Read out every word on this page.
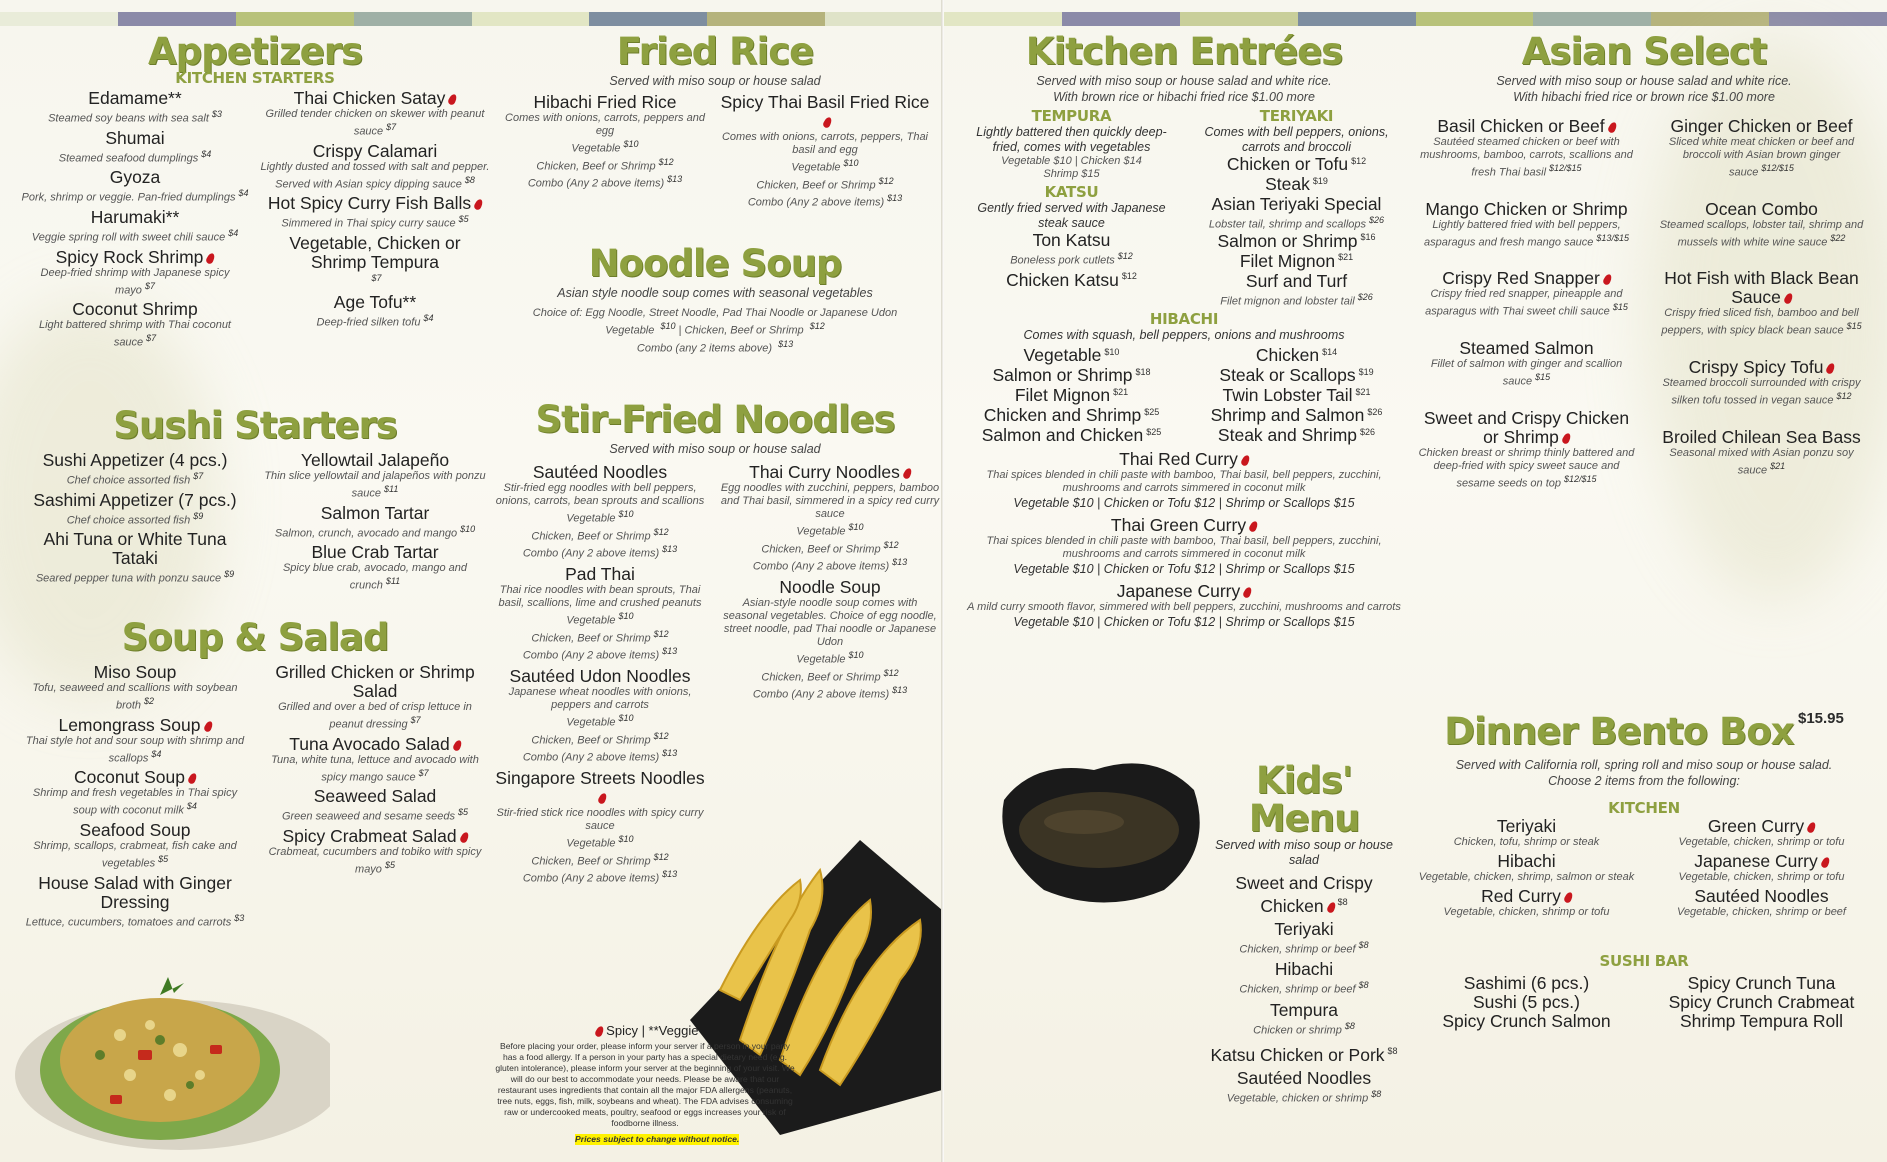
Appetizers
KITCHEN STARTERS
Edamame**
Steamed soy beans with sea salt $^{\$3}$
Shumai
Steamed seafood dumplings $^{\$4}$
Gyoza
Pork, shrimp or veggie. Pan-fried dumplings $^{\$4}$
Harumaki**
Veggie spring roll with sweet chili sauce $^{\$4}$
Spicy Rock Shrimp
Deep-fried shrimp with Japanese spicy mayo $^{\$7}$
Coconut Shrimp
Light battered shrimp with Thai coconut sauce $^{\$7}$
Thai Chicken Satay
Grilled tender chicken on skewer with peanut sauce $^{\$7}$
Crispy Calamari
Lightly dusted and tossed with salt and pepper. Served with Asian spicy dipping sauce $^{\$8}$
Hot Spicy Curry Fish Balls
Simmered in Thai spicy curry sauce $^{\$5}$
Vegetable, Chicken or Shrimp Tempura
$^{\$7}$
Age Tofu**
Deep-fried silken tofu $^{\$4}$
Sushi Starters
Sushi Appetizer (4 pcs.)
Chef choice assorted fish $^{\$7}$
Sashimi Appetizer (7 pcs.)
Chef choice assorted fish $^{\$9}$
Ahi Tuna or White Tuna Tataki
Seared pepper tuna with ponzu sauce $^{\$9}$
Yellowtail Jalapeño
Thin slice yellowtail and jalapeños with ponzu sauce $^{\$11}$
Salmon Tartar
Salmon, crunch, avocado and mango $^{\$10}$
Blue Crab Tartar
Spicy blue crab, avocado, mango and crunch $^{\$11}$
Soup & Salad
Miso Soup
Tofu, seaweed and scallions with soybean broth $^{\$2}$
Lemongrass Soup
Thai style hot and sour soup with shrimp and scallops $^{\$4}$
Coconut Soup
Shrimp and fresh vegetables in Thai spicy soup with coconut milk $^{\$4}$
Seafood Soup
Shrimp, scallops, crabmeat, fish cake and vegetables $^{\$5}$
House Salad with Ginger Dressing
Lettuce, cucumbers, tomatoes and carrots $^{\$3}$
Grilled Chicken or Shrimp Salad
Grilled and over a bed of crisp lettuce in peanut dressing $^{\$7}$
Tuna Avocado Salad
Tuna, white tuna, lettuce and avocado with spicy mango sauce $^{\$7}$
Seaweed Salad
Green seaweed and sesame seeds $^{\$5}$
Spicy Crabmeat Salad
Crabmeat, cucumbers and tobiko with spicy mayo $^{\$5}$
Fried Rice
Served with miso soup or house salad
Hibachi Fried Rice
Comes with onions, carrots, peppers and egg
Vegetable $^{\$10}$
Chicken, Beef or Shrimp $^{\$12}$
Combo (Any 2 above items) $^{\$13}$
Spicy Thai Basil Fried Rice
Comes with onions, carrots, peppers, Thai basil and egg
Vegetable $^{\$10}$
Chicken, Beef or Shrimp $^{\$12}$
Combo (Any 2 above items) $^{\$13}$
Noodle Soup
Asian style noodle soup comes with seasonal vegetables
Choice of: Egg Noodle, Street Noodle, Pad Thai Noodle or Japanese Udon
Vegetable $^{\$10}$ | Chicken, Beef or Shrimp $^{\$12}$
Combo (any 2 items above) $^{\$13}$
Stir-Fried Noodles
Served with miso soup or house salad
Sautéed Noodles
Stir-fried egg noodles with bell peppers, onions, carrots, bean sprouts and scallions
Vegetable $^{\$10}$
Chicken, Beef or Shrimp $^{\$12}$
Combo (Any 2 above items) $^{\$13}$
Pad Thai
Thai rice noodles with bean sprouts, Thai basil, scallions, lime and crushed peanuts
Vegetable $^{\$10}$
Chicken, Beef or Shrimp $^{\$12}$
Combo (Any 2 above items) $^{\$13}$
Sautéed Udon Noodles
Japanese wheat noodles with onions, peppers and carrots
Vegetable $^{\$10}$
Chicken, Beef or Shrimp $^{\$12}$
Combo (Any 2 above items) $^{\$13}$
Singapore Streets Noodles
Stir-fried stick rice noodles with spicy curry sauce
Vegetable $^{\$10}$
Chicken, Beef or Shrimp $^{\$12}$
Combo (Any 2 above items) $^{\$13}$
Thai Curry Noodles
Egg noodles with zucchini, peppers, bamboo and Thai basil, simmered in a spicy red curry sauce
Vegetable $^{\$10}$
Chicken, Beef or Shrimp $^{\$12}$
Combo (Any 2 above items) $^{\$13}$
Noodle Soup
Asian-style noodle soup comes with seasonal vegetables. Choice of egg noodle, street noodle, pad Thai noodle or Japanese Udon
Vegetable $^{\$10}$
Chicken, Beef or Shrimp $^{\$12}$
Combo (Any 2 above items) $^{\$13}$
Spicy | **Veggie
Before placing your order, please inform your server if a person in your party has a food allergy. If a person in your party has a special dietary need (e.g. gluten intolerance), please inform your server at the beginning of your visit. We will do our best to accommodate your needs. Please be aware that our restaurant uses ingredients that contain all the major FDA allergens (peanuts, tree nuts, eggs, fish, milk, soybeans and wheat). The FDA advises consuming raw or undercooked meats, poultry, seafood or eggs increases your risk of foodborne illness.
Prices subject to change without notice.
Kitchen Entrées
Served with miso soup or house salad and white rice.
With brown rice or hibachi fried rice $1.00 more
TEMPURA
Lightly battered then quickly deep-fried, comes with vegetables
Vegetable $10 | Chicken $14
Shrimp $15
KATSU
Gently fried served with Japanese steak sauce
Ton Katsu
Boneless pork cutlets $^{\$12}$
Chicken Katsu $^{\$12}$
TERIYAKI
Comes with bell peppers, onions, carrots and broccoli
Chicken or Tofu $^{\$12}$
Steak $^{\$19}$
Asian Teriyaki Special
Lobster tail, shrimp and scallops $^{\$26}$
Salmon or Shrimp $^{\$16}$
Filet Mignon $^{\$21}$
Surf and Turf
Filet mignon and lobster tail $^{\$26}$
HIBACHI
Comes with squash, bell peppers, onions and mushrooms
Vegetable $^{\$10}$
Salmon or Shrimp $^{\$18}$
Filet Mignon $^{\$21}$
Chicken and Shrimp $^{\$25}$
Salmon and Chicken $^{\$25}$
Chicken $^{\$14}$
Steak or Scallops $^{\$19}$
Twin Lobster Tail $^{\$21}$
Shrimp and Salmon $^{\$26}$
Steak and Shrimp $^{\$26}$
Thai Red Curry
Thai spices blended in chili paste with bamboo, Thai basil, bell peppers, zucchini, mushrooms and carrots simmered in coconut milk
Vegetable $10 | Chicken or Tofu $12 | Shrimp or Scallops $15
Thai Green Curry
Thai spices blended in chili paste with bamboo, Thai basil, bell peppers, zucchini, mushrooms and carrots simmered in coconut milk
Vegetable $10 | Chicken or Tofu $12 | Shrimp or Scallops $15
Japanese Curry
A mild curry smooth flavor, simmered with bell peppers, zucchini, mushrooms and carrots
Vegetable $10 | Chicken or Tofu $12 | Shrimp or Scallops $15
Kids'
Menu
Served with miso soup or house salad
Sweet and Crispy Chicken $^{\$8}$
Teriyaki
Chicken, shrimp or beef $^{\$8}$
Hibachi
Chicken, shrimp or beef $^{\$8}$
Tempura
Chicken or shrimp $^{\$8}$
Katsu Chicken or Pork $^{\$8}$
Sautéed Noodles
Vegetable, chicken or shrimp $^{\$8}$
Asian Select
Served with miso soup or house salad and white rice.
With hibachi fried rice or brown rice $1.00 more
Basil Chicken or Beef
Sautéed steamed chicken or beef with mushrooms, bamboo, carrots, scallions and fresh Thai basil $^{\$12/\$15}$
Mango Chicken or Shrimp
Lightly battered fried with bell peppers, asparagus and fresh mango sauce $^{\$13/\$15}$
Crispy Red Snapper
Crispy fried red snapper, pineapple and asparagus with Thai sweet chili sauce $^{\$15}$
Steamed Salmon
Fillet of salmon with ginger and scallion sauce $^{\$15}$
Sweet and Crispy Chicken or Shrimp
Chicken breast or shrimp thinly battered and deep-fried with spicy sweet sauce and sesame seeds on top $^{\$12/\$15}$
Ginger Chicken or Beef
Sliced white meat chicken or beef and broccoli with Asian brown ginger sauce $^{\$12/\$15}$
Ocean Combo
Steamed scallops, lobster tail, shrimp and mussels with white wine sauce $^{\$22}$
Hot Fish with Black Bean Sauce
Crispy fried sliced fish, bamboo and bell peppers, with spicy black bean sauce $^{\$15}$
Crispy Spicy Tofu
Steamed broccoli surrounded with crispy silken tofu tossed in vegan sauce $^{\$12}$
Broiled Chilean Sea Bass
Seasonal mixed with Asian ponzu soy sauce $^{\$21}$
Dinner Bento Box $15.95
Served with California roll, spring roll and miso soup or house salad. Choose 2 items from the following:
KITCHEN
Teriyaki
Chicken, tofu, shrimp or steak
Hibachi
Vegetable, chicken, shrimp, salmon or steak
Red Curry
Vegetable, chicken, shrimp or tofu
Green Curry
Vegetable, chicken, shrimp or tofu
Japanese Curry
Vegetable, chicken, shrimp or tofu
Sautéed Noodles
Vegetable, chicken, shrimp or beef
SUSHI BAR
Sashimi (6 pcs.)
Sushi (5 pcs.)
Spicy Crunch Salmon
Spicy Crunch Tuna
Spicy Crunch Crabmeat
Shrimp Tempura Roll
